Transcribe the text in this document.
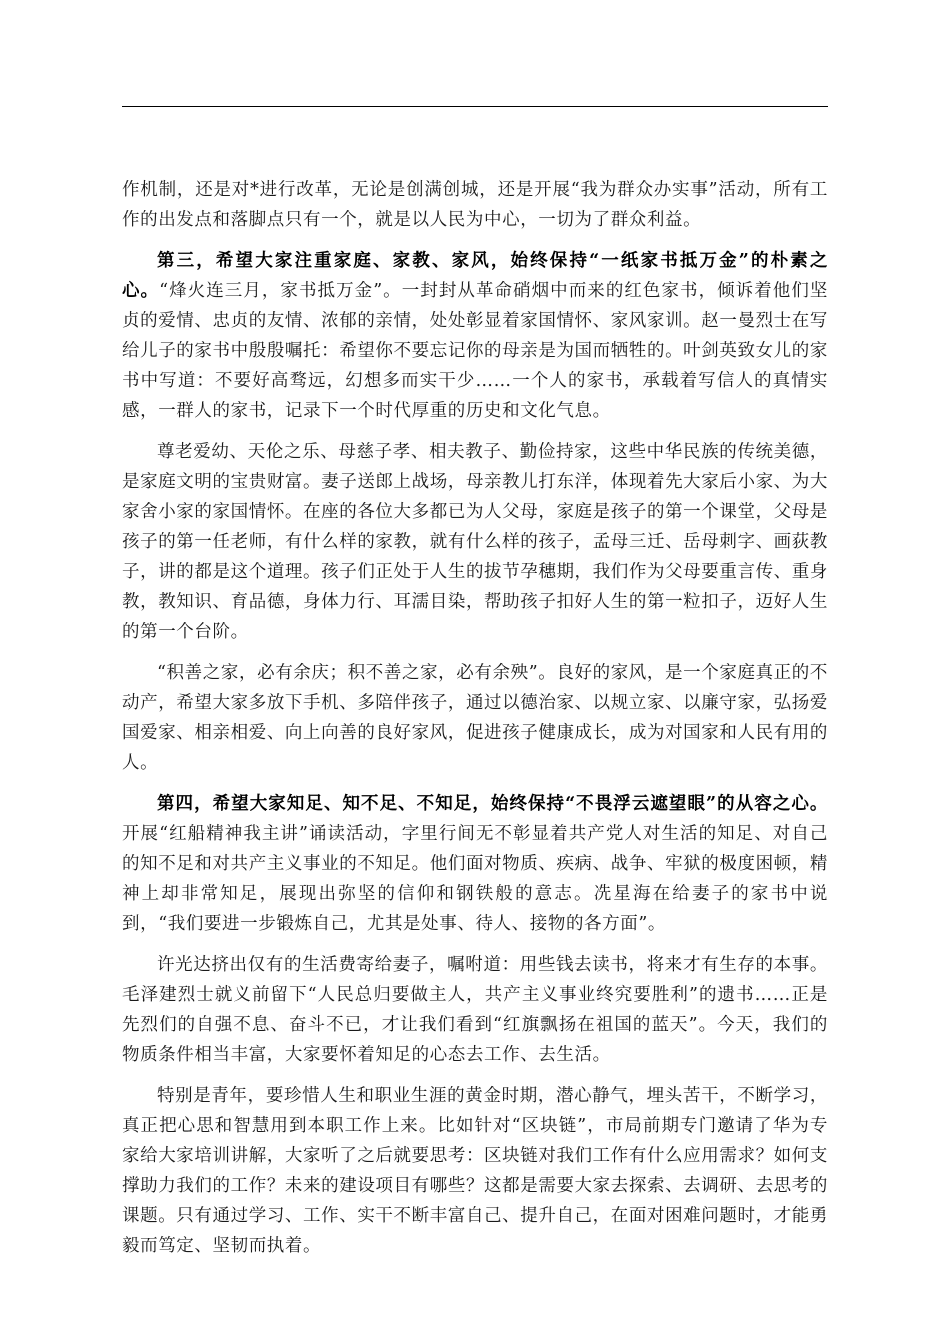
作机制，还是对*进行改革，无论是创满创城，还是开展“我为群众办实事”活动，所有工作的出发点和落脚点只有一个，就是以人民为中心，一切为了群众利益。

第三，希望大家注重家庭、家教、家风，始终保持“一纸家书抵万金”的朴素之心。“烽火连三月，家书抵万金”。一封封从革命硝烟中而来的红色家书，倾诉着他们坚贞的爱情、忠贞的友情、浓郁的亲情，处处彰显着家国情怀、家风家训。赵一曼烈士在写给儿子的家书中殷殷嘱托：希望你不要忘记你的母亲是为国而牺牲的。叶剑英致女儿的家书中写道：不要好高骛远，幻想多而实干少……一个人的家书，承载着写信人的真情实感，一群人的家书，记录下一个时代厚重的历史和文化气息。

尊老爱幼、天伦之乐、母慈子孝、相夫教子、勤俭持家，这些中华民族的传统美德，是家庭文明的宝贵财富。妻子送郎上战场，母亲教儿打东洋，体现着先大家后小家、为大家舍小家的家国情怀。在座的各位大多都已为人父母，家庭是孩子的第一个课堂，父母是孩子的第一任老师，有什么样的家教，就有什么样的孩子，孟母三迁、岳母刺字、画荻教子，讲的都是这个道理。孩子们正处于人生的拔节孕穗期，我们作为父母要重言传、重身教，教知识、育品德，身体力行、耳濡目染，帮助孩子扣好人生的第一粒扣子，迈好人生的第一个台阶。

“积善之家，必有余庆；积不善之家，必有余殃”。良好的家风，是一个家庭真正的不动产，希望大家多放下手机、多陪伴孩子，通过以德治家、以规立家、以廉守家，弘扬爱国爱家、相亲相爱、向上向善的良好家风，促进孩子健康成长，成为对国家和人民有用的人。

第四，希望大家知足、知不足、不知足，始终保持“不畏浮云遮望眼”的从容之心。开展“红船精神我主讲”诵读活动，字里行间无不彰显着共产党人对生活的知足、对自己的知不足和对共产主义事业的不知足。他们面对物质、疾病、战争、牢狱的极度困顿，精神上却非常知足，展现出弥坚的信仰和钢铁般的意志。冼星海在给妻子的家书中说到，“我们要进一步锻炼自己，尤其是处事、待人、接物的各方面”。

许光达挤出仅有的生活费寄给妻子，嘱咐道：用些钱去读书，将来才有生存的本事。毛泽建烈士就义前留下“人民总归要做主人，共产主义事业终究要胜利”的遗书……正是先烈们的自强不息、奋斗不已，才让我们看到“红旗飘扬在祖国的蓝天”。今天，我们的物质条件相当丰富，大家要怀着知足的心态去工作、去生活。

特别是青年，要珍惜人生和职业生涯的黄金时期，潜心静气，埋头苦干，不断学习，真正把心思和智慧用到本职工作上来。比如针对“区块链”，市局前期专门邀请了华为专家给大家培训讲解，大家听了之后就要思考：区块链对我们工作有什么应用需求？如何支撑助力我们的工作？未来的建设项目有哪些？这都是需要大家去探索、去调研、去思考的课题。只有通过学习、工作、实干不断丰富自己、提升自己，在面对困难问题时，才能勇毅而笃定、坚韧而执着。
